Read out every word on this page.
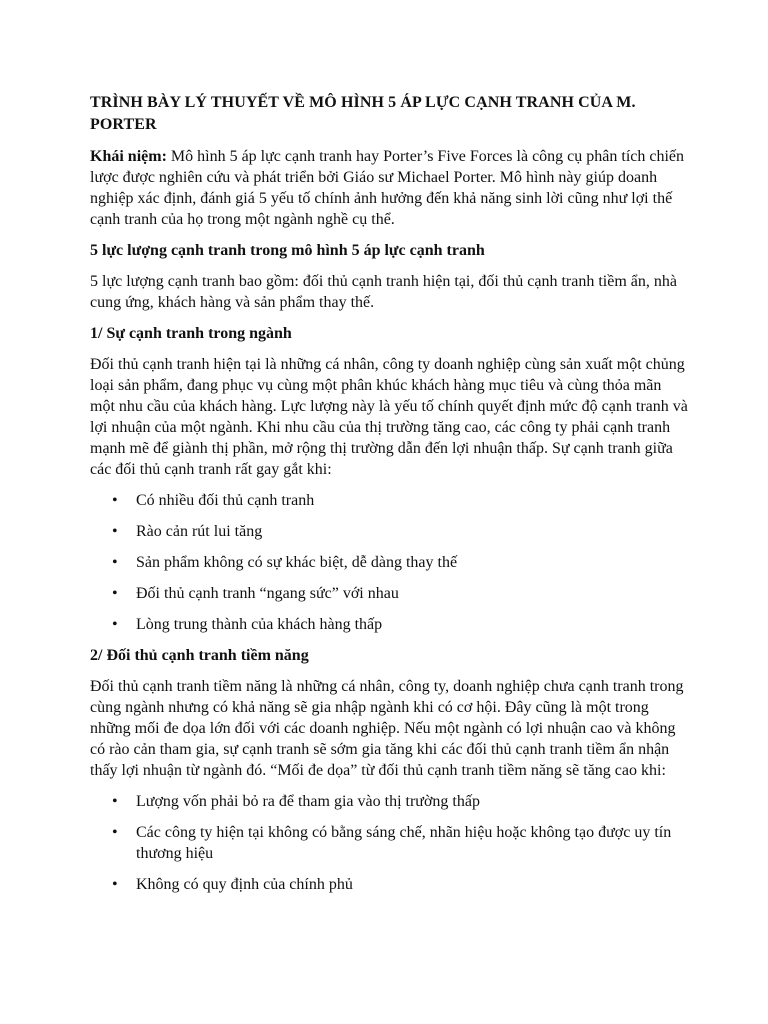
TRÌNH BÀY LÝ THUYẾT VỀ MÔ HÌNH 5 ÁP LỰC CẠNH TRANH CỦA M. PORTER

Khái niệm: Mô hình 5 áp lực cạnh tranh hay Porter’s Five Forces là công cụ phân tích chiến lược được nghiên cứu và phát triển bởi Giáo sư Michael Porter. Mô hình này giúp doanh nghiệp xác định, đánh giá 5 yếu tố chính ảnh hưởng đến khả năng sinh lời cũng như lợi thế cạnh tranh của họ trong một ngành nghề cụ thể.

5 lực lượng cạnh tranh trong mô hình 5 áp lực cạnh tranh

5 lực lượng cạnh tranh bao gồm: đối thủ cạnh tranh hiện tại, đối thủ cạnh tranh tiềm ẩn, nhà cung ứng, khách hàng và sản phẩm thay thế.

1/ Sự cạnh tranh trong ngành

Đối thủ cạnh tranh hiện tại là những cá nhân, công ty doanh nghiệp cùng sản xuất một chủng loại sản phẩm, đang phục vụ cùng một phân khúc khách hàng mục tiêu và cùng thỏa mãn một nhu cầu của khách hàng. Lực lượng này là yếu tố chính quyết định mức độ cạnh tranh và lợi nhuận của một ngành. Khi nhu cầu của thị trường tăng cao, các công ty phải cạnh tranh mạnh mẽ để giành thị phần, mở rộng thị trường dẫn đến lợi nhuận thấp. Sự cạnh tranh giữa các đối thủ cạnh tranh rất gay gắt khi:

• Có nhiều đối thủ cạnh tranh
• Rào cản rút lui tăng
• Sản phẩm không có sự khác biệt, dễ dàng thay thế
• Đối thủ cạnh tranh “ngang sức” với nhau
• Lòng trung thành của khách hàng thấp
2/ Đối thủ cạnh tranh tiềm năng

Đối thủ cạnh tranh tiềm năng là những cá nhân, công ty, doanh nghiệp chưa cạnh tranh trong cùng ngành nhưng có khả năng sẽ gia nhập ngành khi có cơ hội. Đây cũng là một trong những mối đe dọa lớn đối với các doanh nghiệp. Nếu một ngành có lợi nhuận cao và không có rào cản tham gia, sự cạnh tranh sẽ sớm gia tăng khi các đối thủ cạnh tranh tiềm ẩn nhận thấy lợi nhuận từ ngành đó. “Mối đe dọa” từ đối thủ cạnh tranh tiềm năng sẽ tăng cao khi:

• Lượng vốn phải bỏ ra để tham gia vào thị trường thấp
• Các công ty hiện tại không có bằng sáng chế, nhãn hiệu hoặc không tạo được uy tín thương hiệu
• Không có quy định của chính phủ
